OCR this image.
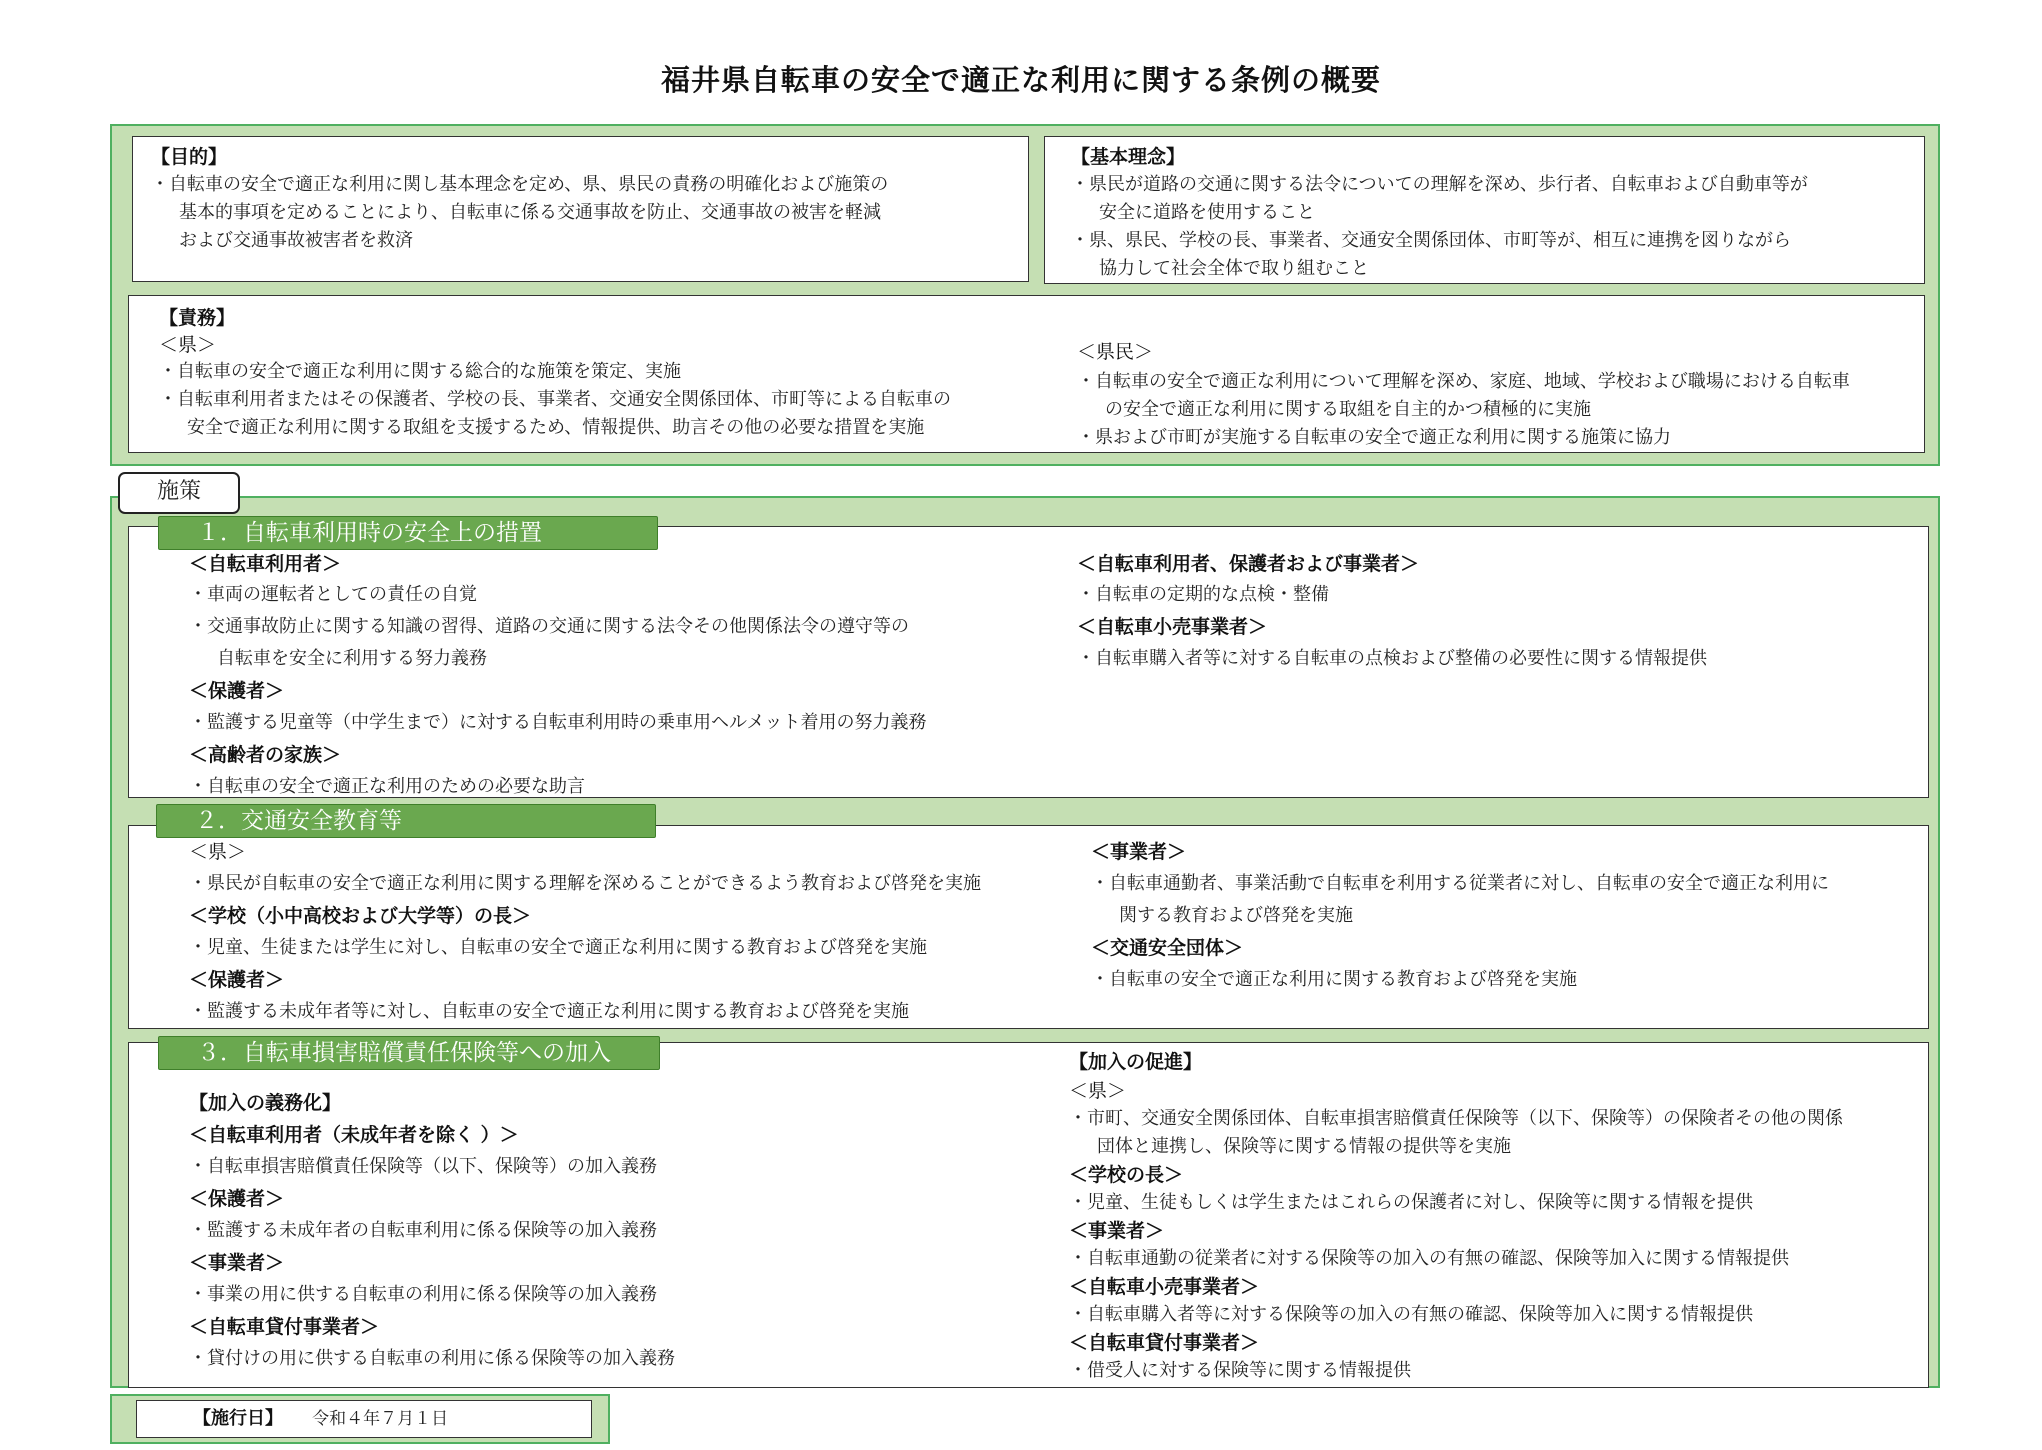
福井県自転車の安全で適正な利用に関する条例の概要
【目的】
・自転車の安全で適正な利用に関し基本理念を定め、県、県民の責務の明確化および施策の
基本的事項を定めることにより、自転車に係る交通事故を防止、交通事故の被害を軽減
および交通事故被害者を救済
【基本理念】
・県民が道路の交通に関する法令についての理解を深め、歩行者、自転車および自動車等が
安全に道路を使用すること
・県、県民、学校の長、事業者、交通安全関係団体、市町等が、相互に連携を図りながら
協力して社会全体で取り組むこと
【責務】
＜県＞
・自転車の安全で適正な利用に関する総合的な施策を策定、実施
・自転車利用者またはその保護者、学校の長、事業者、交通安全関係団体、市町等による自転車の
安全で適正な利用に関する取組を支援するため、情報提供、助言その他の必要な措置を実施
＜県民＞
・自転車の安全で適正な利用について理解を深め、家庭、地域、学校および職場における自転車
の安全で適正な利用に関する取組を自主的かつ積極的に実施
・県および市町が実施する自転車の安全で適正な利用に関する施策に協力
施策
＜自転車利用者＞
・車両の運転者としての責任の自覚
・交通事故防止に関する知識の習得、道路の交通に関する法令その他関係法令の遵守等の
自転車を安全に利用する努力義務
＜保護者＞
・監護する児童等（中学生まで）に対する自転車利用時の乗車用ヘルメット着用の努力義務
＜高齢者の家族＞
・自転車の安全で適正な利用のための必要な助言
＜自転車利用者、保護者および事業者＞
・自転車の定期的な点検・整備
＜自転車小売事業者＞
・自転車購入者等に対する自転車の点検および整備の必要性に関する情報提供
１．自転車利用時の安全上の措置
＜県＞
・県民が自転車の安全で適正な利用に関する理解を深めることができるよう教育および啓発を実施
＜学校（小中高校および大学等）の長＞
・児童、生徒または学生に対し、自転車の安全で適正な利用に関する教育および啓発を実施
＜保護者＞
・監護する未成年者等に対し、自転車の安全で適正な利用に関する教育および啓発を実施
＜事業者＞
・自転車通勤者、事業活動で自転車を利用する従業者に対し、自転車の安全で適正な利用に
関する教育および啓発を実施
＜交通安全団体＞
・自転車の安全で適正な利用に関する教育および啓発を実施
２．交通安全教育等
【加入の義務化】
＜自転車利用者（未成年者を除く ）＞
・自転車損害賠償責任保険等（以下、保険等）の加入義務
＜保護者＞
・監護する未成年者の自転車利用に係る保険等の加入義務
＜事業者＞
・事業の用に供する自転車の利用に係る保険等の加入義務
＜自転車貸付事業者＞
・貸付けの用に供する自転車の利用に係る保険等の加入義務
【加入の促進】
＜県＞
・市町、交通安全関係団体、自転車損害賠償責任保険等（以下、保険等）の保険者その他の関係
団体と連携し、保険等に関する情報の提供等を実施
＜学校の長＞
・児童、生徒もしくは学生またはこれらの保護者に対し、保険等に関する情報を提供
＜事業者＞
・自転車通勤の従業者に対する保険等の加入の有無の確認、保険等加入に関する情報提供
＜自転車小売事業者＞
・自転車購入者等に対する保険等の加入の有無の確認、保険等加入に関する情報提供
＜自転車貸付事業者＞
・借受人に対する保険等に関する情報提供
３．自転車損害賠償責任保険等への加入
【施行日】 令和４年７月１日
